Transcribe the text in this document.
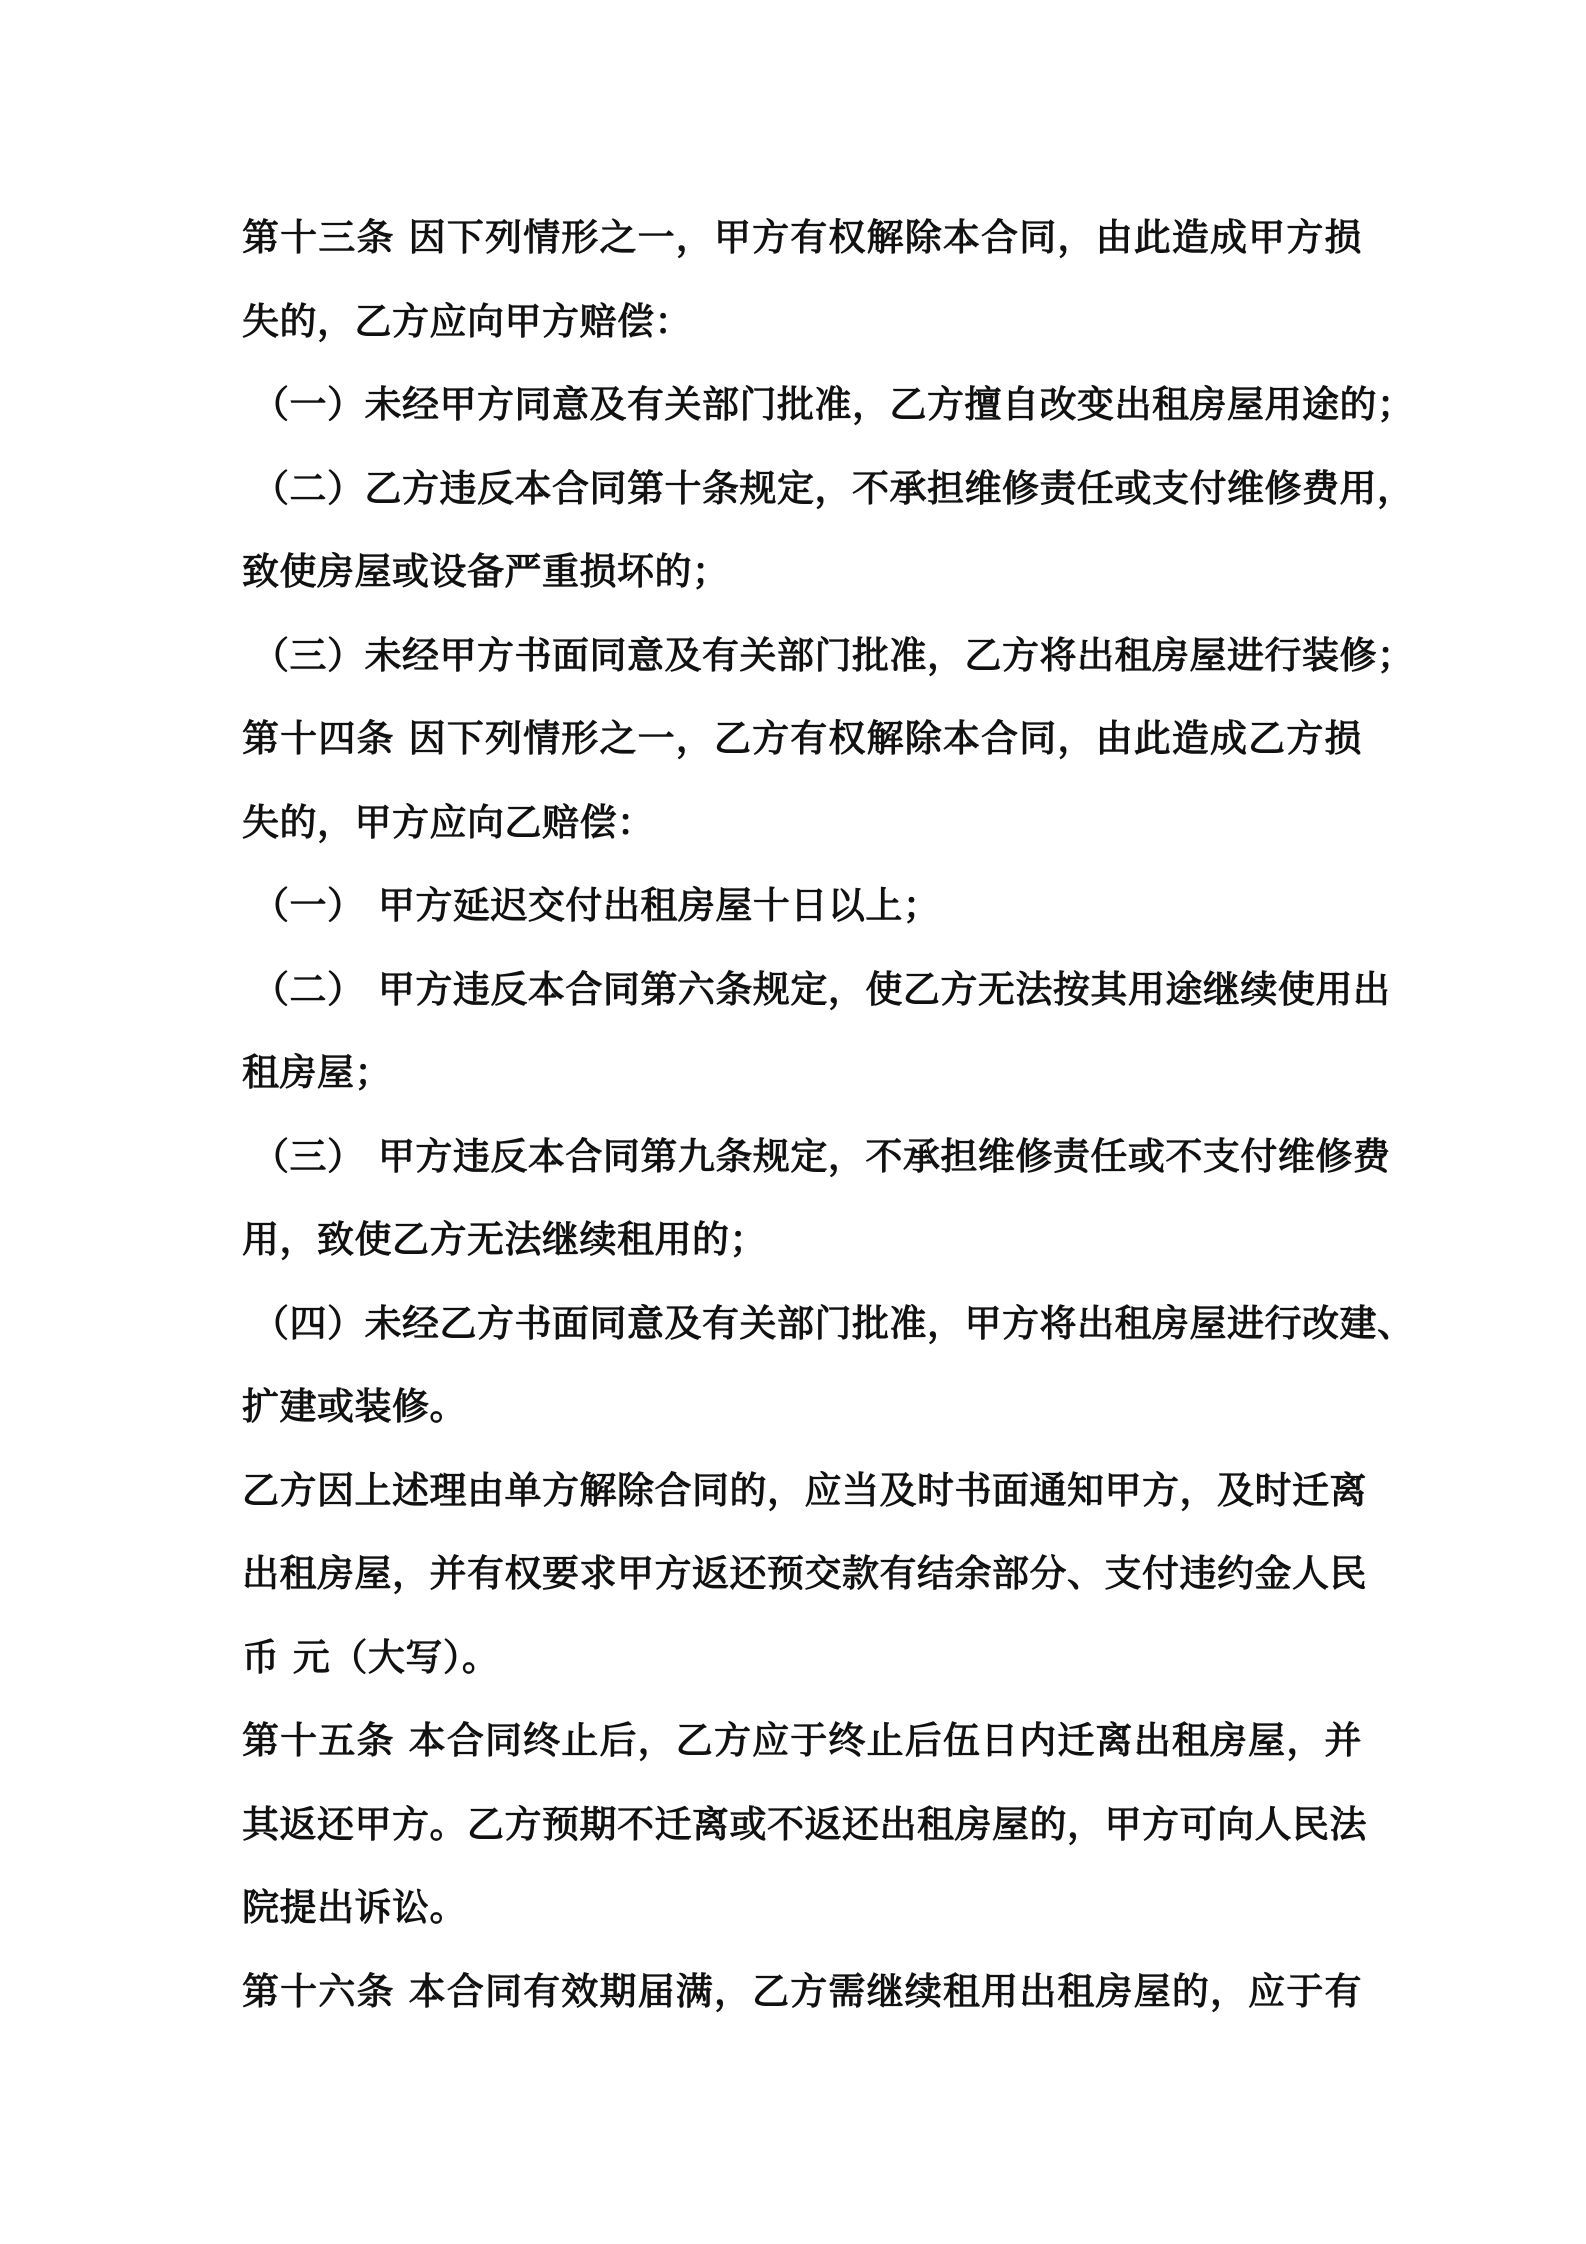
第十三条 因下列情形之一，甲方有权解除本合同，由此造成甲方损
失的，乙方应向甲方赔偿：
（一）未经甲方同意及有关部门批准，乙方擅自改变出租房屋用途的；
（二）乙方违反本合同第十条规定，不承担维修责任或支付维修费用，
致使房屋或设备严重损坏的；
（三）未经甲方书面同意及有关部门批准，乙方将出租房屋进行装修；
第十四条 因下列情形之一，乙方有权解除本合同，由此造成乙方损
失的，甲方应向乙赔偿：
（一） 甲方延迟交付出租房屋十日以上；
（二） 甲方违反本合同第六条规定，使乙方无法按其用途继续使用出
租房屋；
（三） 甲方违反本合同第九条规定，不承担维修责任或不支付维修费
用，致使乙方无法继续租用的；
（四）未经乙方书面同意及有关部门批准，甲方将出租房屋进行改建、
扩建或装修。
乙方因上述理由单方解除合同的，应当及时书面通知甲方，及时迁离
出租房屋，并有权要求甲方返还预交款有结余部分、支付违约金人民
币 元（大写）。
第十五条 本合同终止后，乙方应于终止后伍日内迁离出租房屋，并
其返还甲方。乙方预期不迁离或不返还出租房屋的，甲方可向人民法
院提出诉讼。
第十六条 本合同有效期届满，乙方需继续租用出租房屋的，应于有
